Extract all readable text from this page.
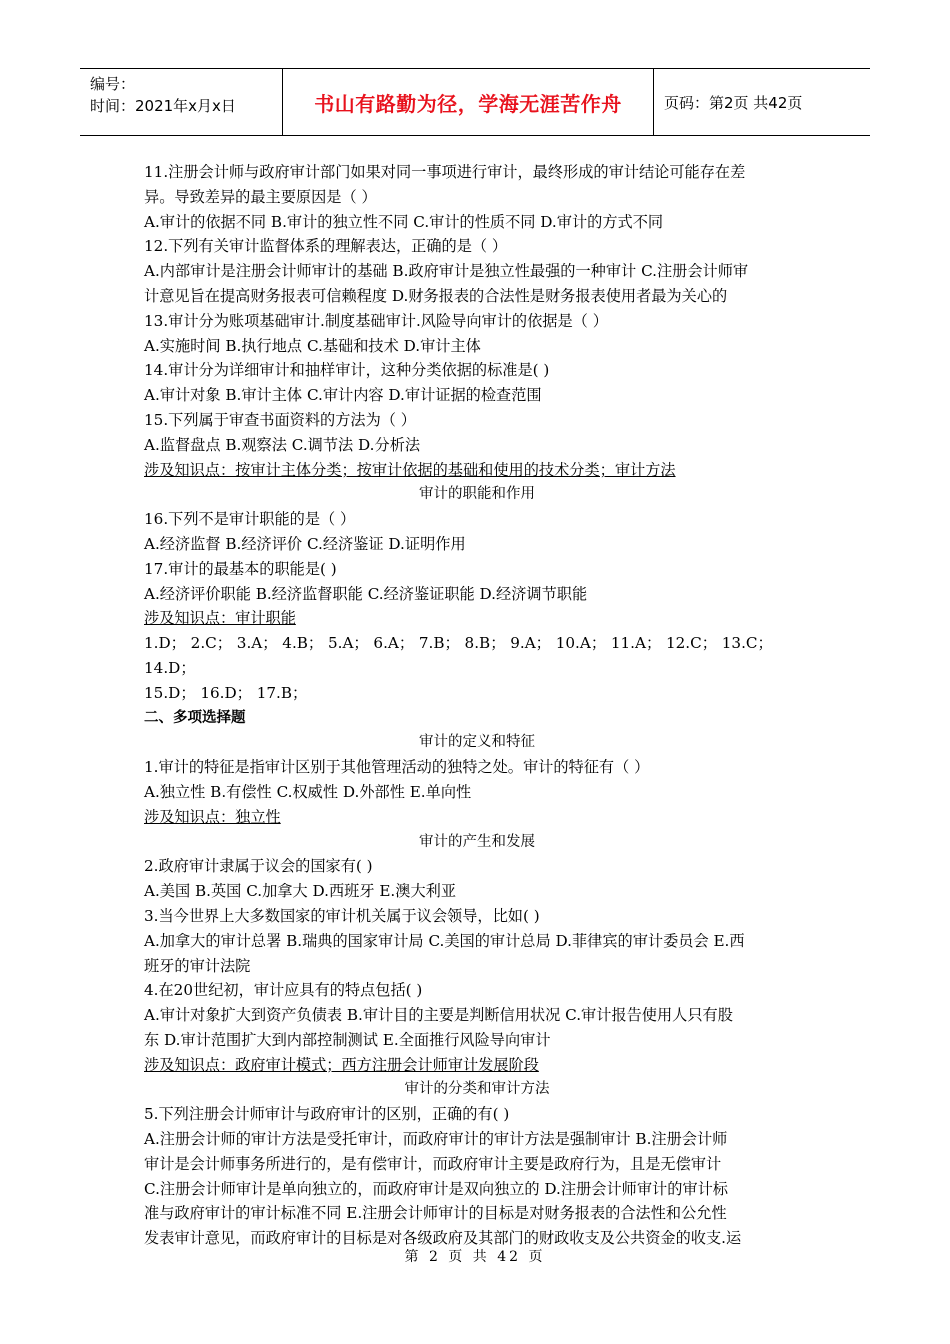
编号：
时间：2021年x月x日	书山有路勤为径，学海无涯苦作舟	页码：第2页 共42页

11.注册会计师与政府审计部门如果对同一事项进行审计，最终形成的审计结论可能存在差

异。导致差异的最主要原因是（ ）

A.审计的依据不同 B.审计的独立性不同 C.审计的性质不同 D.审计的方式不同

12.下列有关审计监督体系的理解表达，正确的是（ ）

A.内部审计是注册会计师审计的基础 B.政府审计是独立性最强的一种审计 C.注册会计师审

计意见旨在提高财务报表可信赖程度 D.财务报表的合法性是财务报表使用者最为关心的

13.审计分为账项基础审计.制度基础审计.风险导向审计的依据是（ ）

A.实施时间 B.执行地点 C.基础和技术 D.审计主体

14.审计分为详细审计和抽样审计，这种分类依据的标准是( )

A.审计对象 B.审计主体 C.审计内容 D.审计证据的检查范围

15.下列属于审查书面资料的方法为（ ）

A.监督盘点 B.观察法 C.调节法 D.分析法

涉及知识点：按审计主体分类；按审计依据的基础和使用的技术分类；审计方法

审计的职能和作用

16.下列不是审计职能的是（ ）

A.经济监督 B.经济评价 C.经济鉴证 D.证明作用

17.审计的最基本的职能是( )

A.经济评价职能 B.经济监督职能 C.经济鉴证职能 D.经济调节职能

涉及知识点：审计职能

1.D； 2.C； 3.A； 4.B； 5.A； 6.A； 7.B； 8.B； 9.A； 10.A； 11.A； 12.C； 13.C； 14.D；

15.D； 16.D； 17.B；

二、多项选择题

审计的定义和特征

1.审计的特征是指审计区别于其他管理活动的独特之处。审计的特征有（ ）

A.独立性 B.有偿性 C.权威性 D.外部性 E.单向性

涉及知识点：独立性

审计的产生和发展

2.政府审计隶属于议会的国家有( )

A.美国 B.英国 C.加拿大 D.西班牙 E.澳大利亚

3.当今世界上大多数国家的审计机关属于议会领导，比如( )

A.加拿大的审计总署 B.瑞典的国家审计局 C.美国的审计总局 D.菲律宾的审计委员会 E.西

班牙的审计法院

4.在20世纪初，审计应具有的特点包括( )

A.审计对象扩大到资产负债表 B.审计目的主要是判断信用状况 C.审计报告使用人只有股

东 D.审计范围扩大到内部控制测试 E.全面推行风险导向审计

涉及知识点：政府审计模式；西方注册会计师审计发展阶段

审计的分类和审计方法

5.下列注册会计师审计与政府审计的区别，正确的有( )

A.注册会计师的审计方法是受托审计，而政府审计的审计方法是强制审计 B.注册会计师

审计是会计师事务所进行的，是有偿审计，而政府审计主要是政府行为，且是无偿审计

C.注册会计师审计是单向独立的，而政府审计是双向独立的 D.注册会计师审计的审计标

准与政府审计的审计标准不同 E.注册会计师审计的目标是对财务报表的合法性和公允性

发表审计意见，而政府审计的目标是对各级政府及其部门的财政收支及公共资金的收支.运

第 2 页 共 42 页
